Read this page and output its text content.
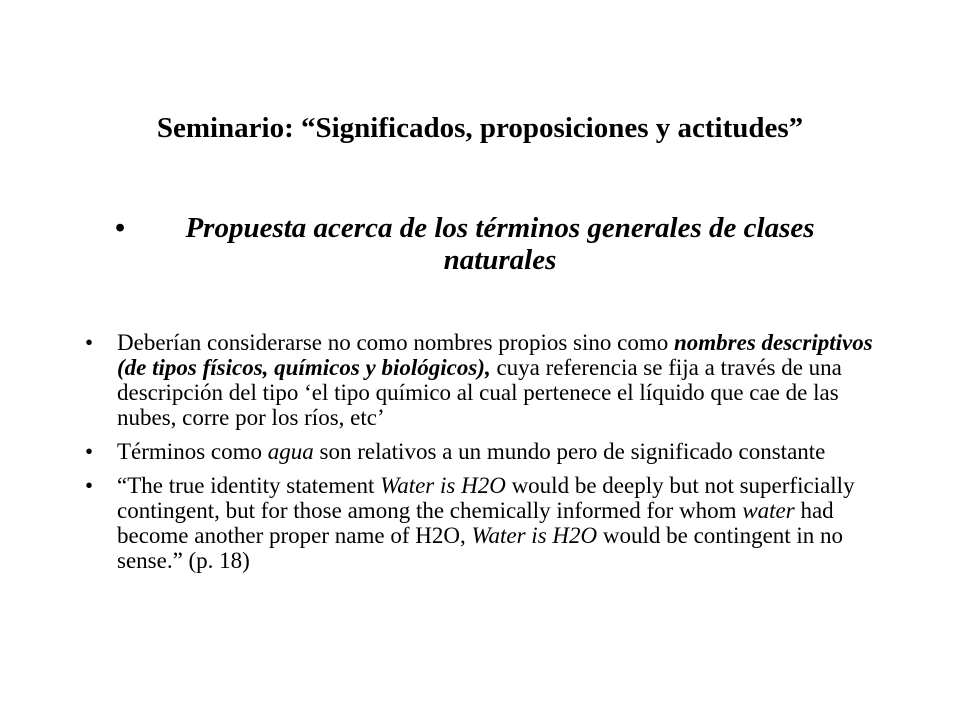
Seminario: “Significados, proposiciones y actitudes”
•	Propuesta acerca de los términos generales de clases naturales
• Deberían considerarse no como nombres propios sino como nombres descriptivos (de tipos físicos, químicos y biológicos), cuya referencia se fija a través de una descripción del tipo ‘el tipo químico al cual pertenece el líquido que cae de las nubes, corre por los ríos, etc’
• Términos como agua son relativos a un mundo pero de significado constante
• “The true identity statement Water is H2O would be deeply but not superficially contingent, but for those among the chemically informed for whom water had become another proper name of H2O, Water is H2O would be contingent in no sense.” (p. 18)
